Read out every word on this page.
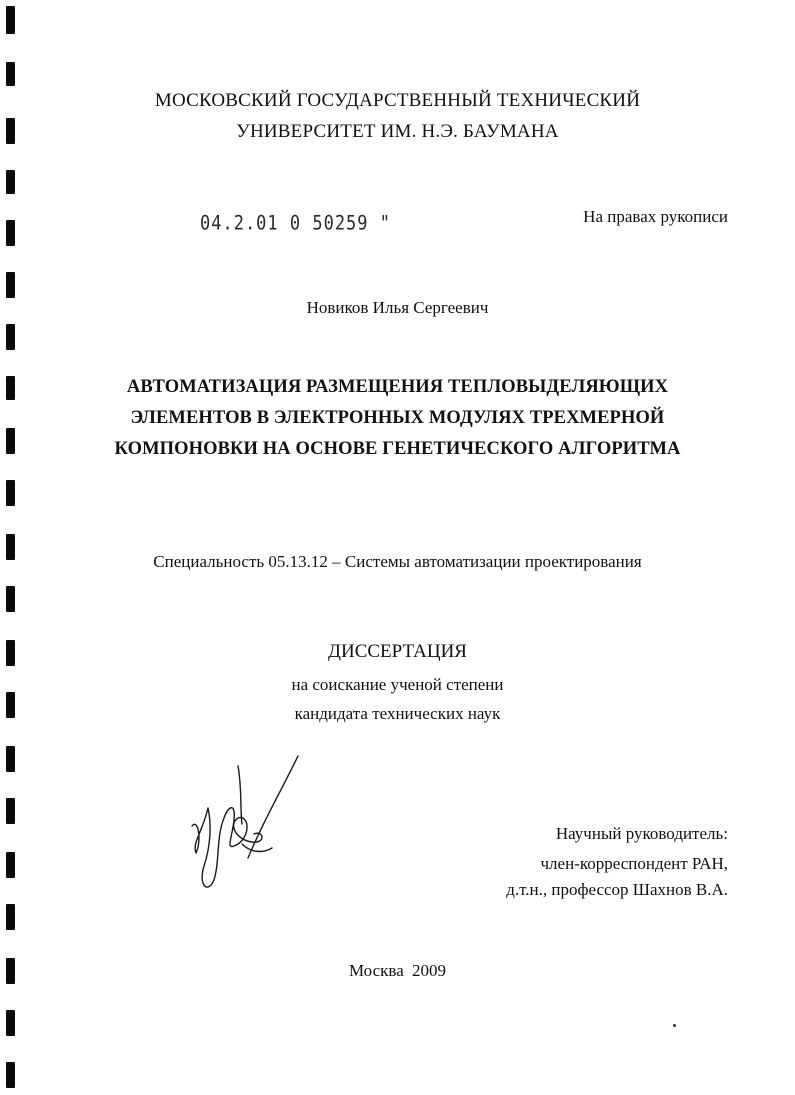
МОСКОВСКИЙ ГОСУДАРСТВЕННЫЙ ТЕХНИЧЕСКИЙ
УНИВЕРСИТЕТ ИМ. Н.Э. БАУМАНА
04.2.01 0 50259 "	На правах рукописи
Новиков Илья Сергеевич
АВТОМАТИЗАЦИЯ РАЗМЕЩЕНИЯ ТЕПЛОВЫДЕЛЯЮЩИХ
ЭЛЕМЕНТОВ В ЭЛЕКТРОННЫХ МОДУЛЯХ ТРЕХМЕРНОЙ
КОМПОНОВКИ НА ОСНОВЕ ГЕНЕТИЧЕСКОГО АЛГОРИТМА
Специальность 05.13.12 – Системы автоматизации проектирования
ДИССЕРТАЦИЯ
на соискание ученой степени
кандидата технических наук
Научный руководитель:
член-корреспондент РАН,
д.т.н., профессор Шахнов В.А.
Москва 2009
